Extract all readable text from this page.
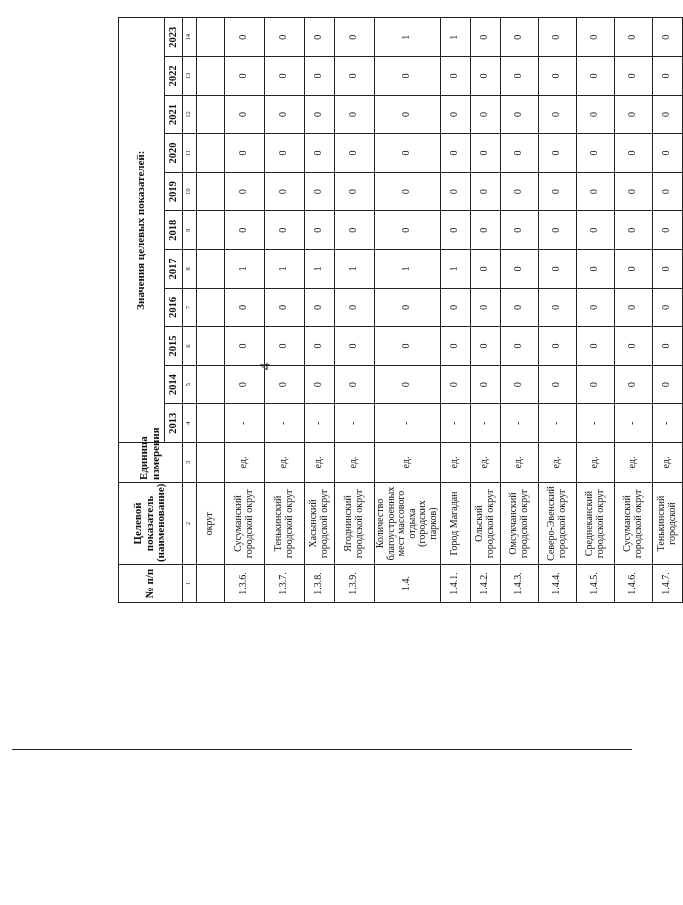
4
№ п/п	Целевой показатель (наименование)	Единица измерения	Значения целевых показателей:										
			2013	2014	2015	2016	2017	2018	2019	2020	2021	2022	2023
1	2	3	4	5	6	7	8	9	10	11	12	13	14
	округ												
1.3.6.	Сусуманский городской округ	ед.	-	0	0	0	1	0	0	0	0	0	0
1.3.7.	Тенькинский городской округ	ед.	-	0	0	0	1	0	0	0	0	0	0
1.3.8.	Хасынский городской округ	ед.	-	0	0	0	1	0	0	0	0	0	0
1.3.9.	Ягоднинский городской округ	ед.	-	0	0	0	1	0	0	0	0	0	0
1.4.	Количество благоустроенных мест массового отдыха (городских парков)	ед.	-	0	0	0	1	0	0	0	0	0	1
1.4.1.	Город Магадан	ед.	-	0	0	0	1	0	0	0	0	0	1
1.4.2.	Ольский городской округ	ед.	-	0	0	0	0	0	0	0	0	0	0
1.4.3.	Омсукчанский городской округ	ед.	-	0	0	0	0	0	0	0	0	0	0
1.4.4.	Северо-Эвенский городской округ	ед.	-	0	0	0	0	0	0	0	0	0	0
1.4.5.	Среднеканский городской округ	ед.	-	0	0	0	0	0	0	0	0	0	0
1.4.6.	Сусуманский городской округ	ед.	-	0	0	0	0	0	0	0	0	0	0
1.4.7.	Тенькинский городской	ед.	-	0	0	0	0	0	0	0	0	0	0
